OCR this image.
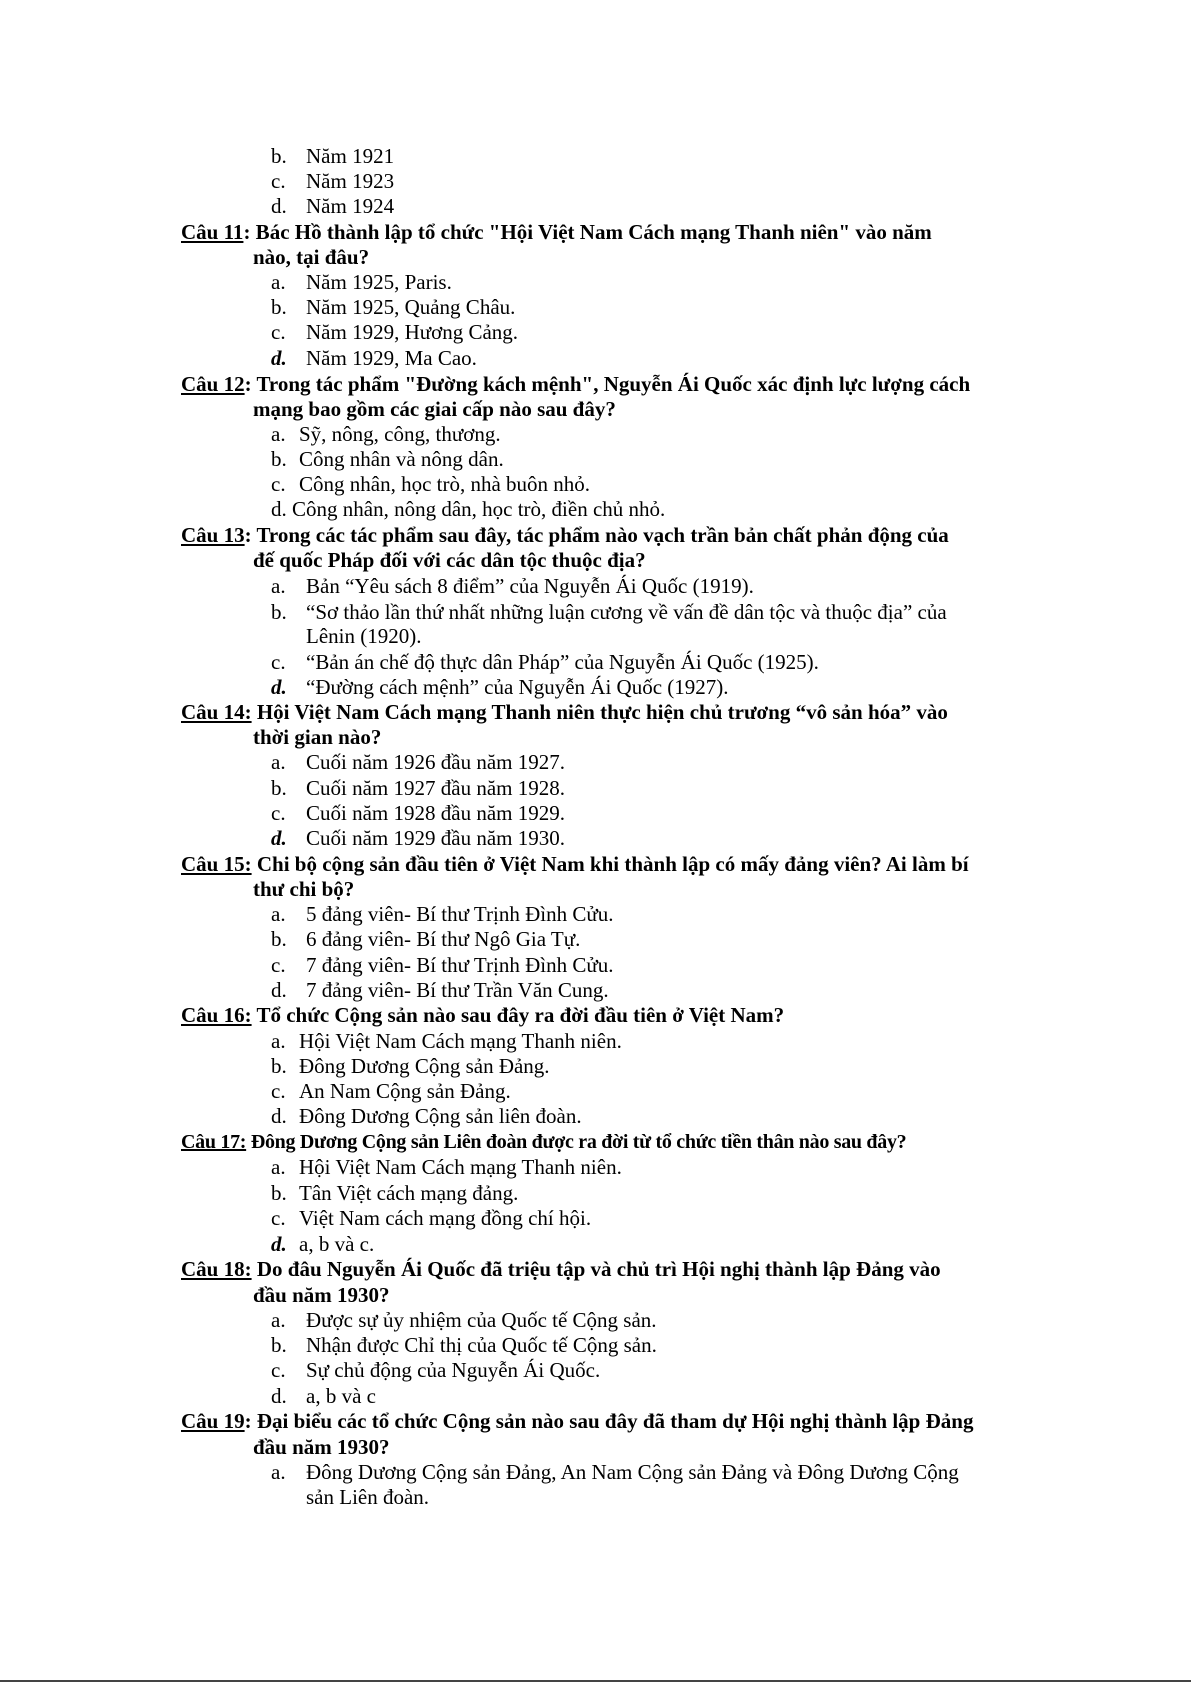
b. Năm 1921
c. Năm 1923
d. Năm 1924
Câu 11: Bác Hồ thành lập tổ chức "Hội Việt Nam Cách mạng Thanh niên" vào năm
nào, tại đâu?
a. Năm 1925, Paris.
b. Năm 1925, Quảng Châu.
c. Năm 1929, Hương Cảng.
d. Năm 1929, Ma Cao.
Câu 12: Trong tác phẩm "Đường kách mệnh", Nguyễn Ái Quốc xác định lực lượng cách
mạng bao gồm các giai cấp nào sau đây?
a. Sỹ, nông, công, thương.
b. Công nhân và nông dân.
c. Công nhân, học trò, nhà buôn nhỏ.
d. Công nhân, nông dân, học trò, điền chủ nhỏ.
Câu 13: Trong các tác phẩm sau đây, tác phẩm nào vạch trần bản chất phản động của
đế quốc Pháp đối với các dân tộc thuộc địa?
a. Bản “Yêu sách 8 điểm” của Nguyễn Ái Quốc (1919).
b. “Sơ thảo lần thứ nhất những luận cương về vấn đề dân tộc và thuộc địa” của
Lênin (1920).
c. “Bản án chế độ thực dân Pháp” của Nguyễn Ái Quốc (1925).
d. “Đường cách mệnh” của Nguyễn Ái Quốc (1927).
Câu 14: Hội Việt Nam Cách mạng Thanh niên thực hiện chủ trương “vô sản hóa” vào
thời gian nào?
a. Cuối năm 1926 đầu năm 1927.
b. Cuối năm 1927 đầu năm 1928.
c. Cuối năm 1928 đầu năm 1929.
d. Cuối năm 1929 đầu năm 1930.
Câu 15: Chi bộ cộng sản đầu tiên ở Việt Nam khi thành lập có mấy đảng viên? Ai làm bí
thư chi bộ?
a. 5 đảng viên- Bí thư Trịnh Đình Cửu.
b. 6 đảng viên- Bí thư Ngô Gia Tự.
c. 7 đảng viên- Bí thư Trịnh Đình Cửu.
d. 7 đảng viên- Bí thư Trần Văn Cung.
Câu 16: Tổ chức Cộng sản nào sau đây ra đời đầu tiên ở Việt Nam?
a. Hội Việt Nam Cách mạng Thanh niên.
b. Đông Dương Cộng sản Đảng.
c. An Nam Cộng sản Đảng.
d. Đông Dương Cộng sản liên đoàn.
Câu 17: Đông Dương Cộng sản Liên đoàn được ra đời từ tổ chức tiền thân nào sau đây?
a. Hội Việt Nam Cách mạng Thanh niên.
b. Tân Việt cách mạng đảng.
c. Việt Nam cách mạng đồng chí hội.
d. a, b và c.
Câu 18: Do đâu Nguyễn Ái Quốc đã triệu tập và chủ trì Hội nghị thành lập Đảng vào
đầu năm 1930?
a. Được sự ủy nhiệm của Quốc tế Cộng sản.
b. Nhận được Chỉ thị của Quốc tế Cộng sản.
c. Sự chủ động của Nguyễn Ái Quốc.
d. a, b và c
Câu 19: Đại biểu các tổ chức Cộng sản nào sau đây đã tham dự Hội nghị thành lập Đảng
đầu năm 1930?
a. Đông Dương Cộng sản Đảng, An Nam Cộng sản Đảng và Đông Dương Cộng
sản Liên đoàn.
